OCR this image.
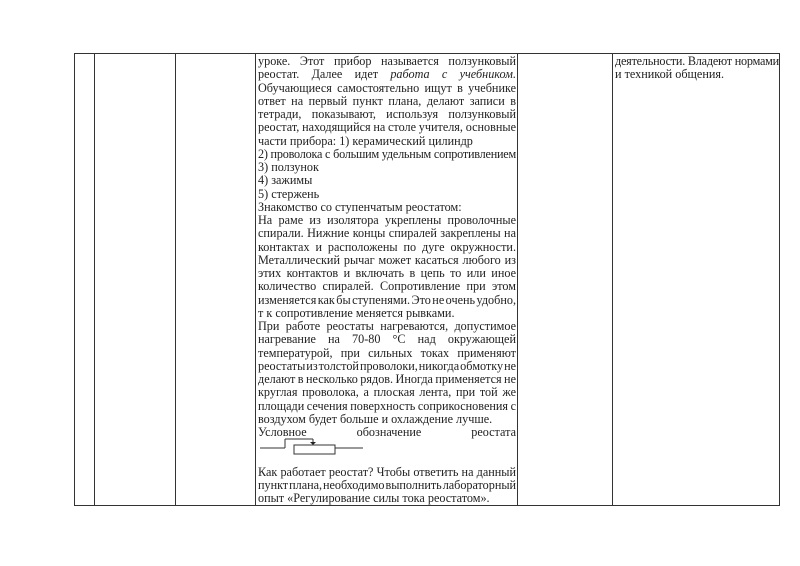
уроке. Этот прибор называется ползунковый
реостат. Далее идет работа с учебником.
Обучающиеся самостоятельно ищут в учебнике
ответ на первый пункт плана, делают записи в
тетради, показывают, используя ползунковый
реостат, находящийся на столе учителя, основные
части прибора: 1) керамический цилиндр
2) проволока с большим удельным сопротивлением
3) ползунок
4) зажимы
5) стержень
Знакомство со ступенчатым реостатом:
На раме из изолятора укреплены проволочные
спирали. Нижние концы спиралей закреплены на
контактах и расположены по дуге окружности.
Металлический рычаг может касаться любого из
этих контактов и включать в цепь то или иное
количество спиралей. Сопротивление при этом
изменяется как бы ступенями. Это не очень удобно,
т к сопротивление меняется рывками.
При работе реостаты нагреваются, допустимое
нагревание на 70-80 °С над окружающей
температурой, при сильных токах применяют
реостаты из толстой проволоки, никогда обмотку не
делают в несколько рядов. Иногда применяется не
круглая проволока, а плоская лента, при той же
площади сечения поверхность соприкосновения с
воздухом будет больше и охлаждение лучше.
Условное обозначение реостата

Как работает реостат? Чтобы ответить на данный
пункт плана, необходимо выполнить лабораторный
опыт «Регулирование силы тока реостатом».
деятельности. Владеют нормами
и техникой общения.
